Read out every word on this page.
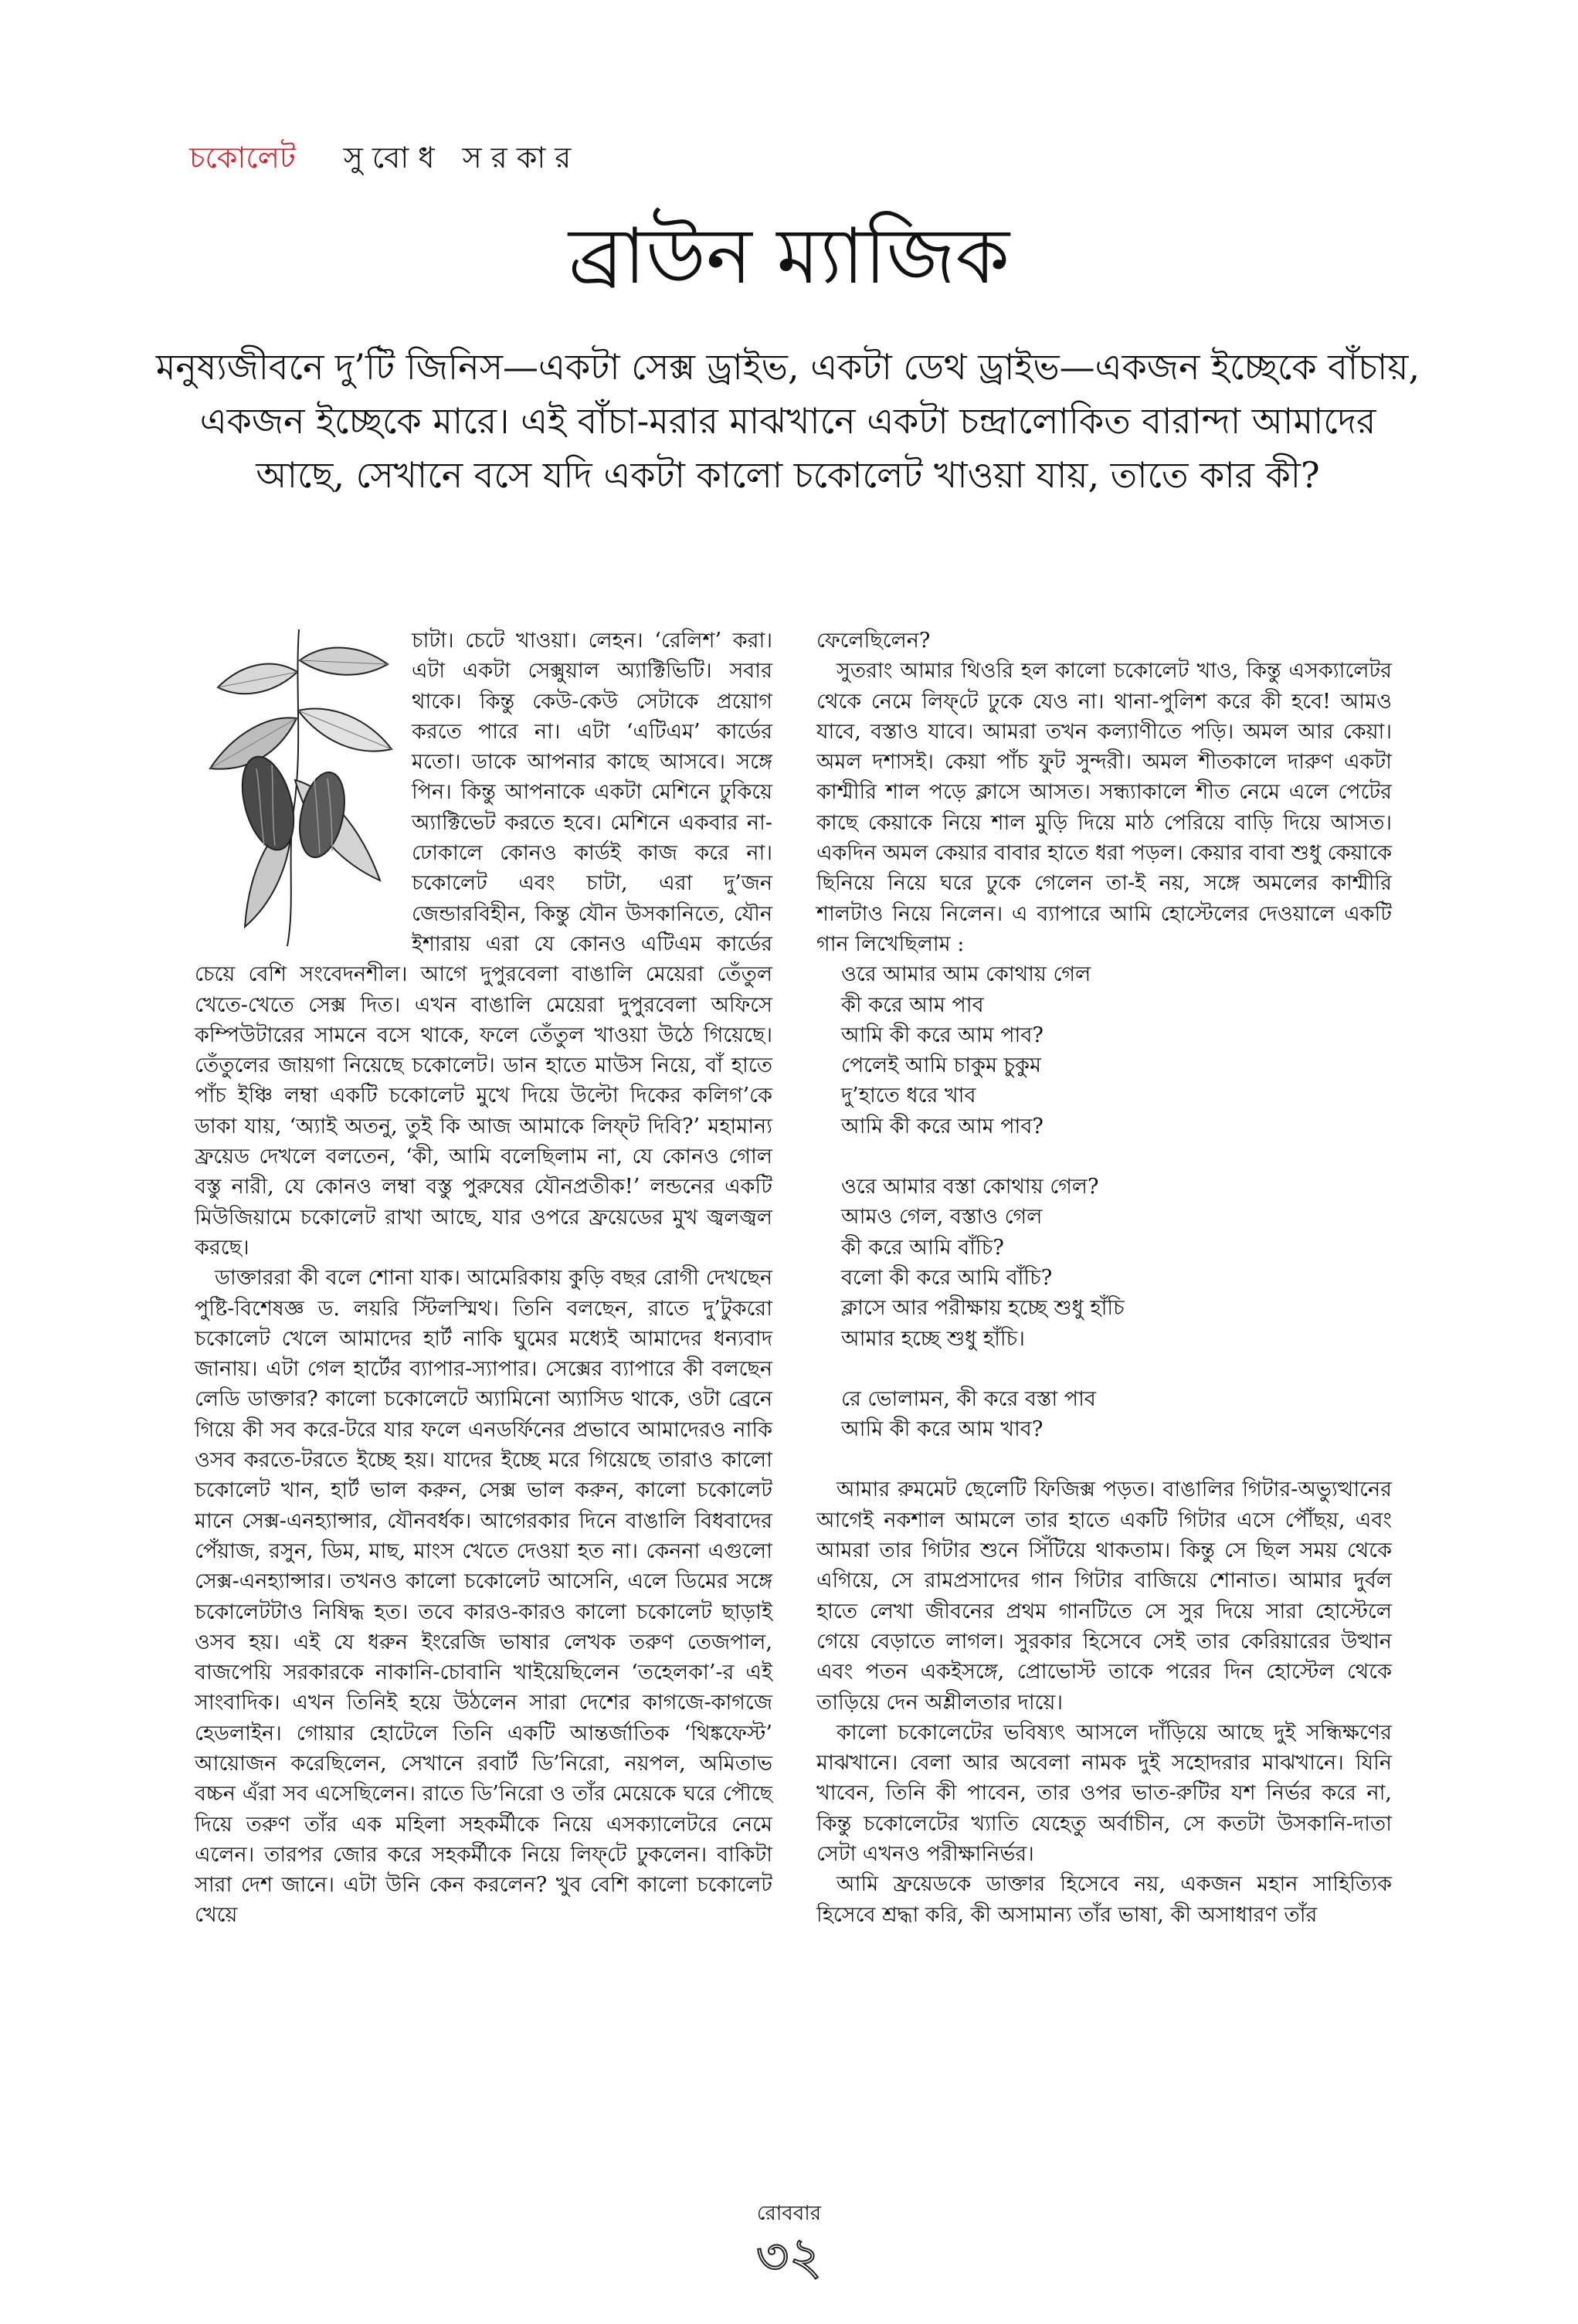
চকোলেট সুবোধ সরকার
ব্রাউন ম্যাজিক
মনুষ্যজীবনে দু’টি জিনিস—একটা সেক্স ড্রাইভ, একটা ডেথ ড্রাইভ—একজন ইচ্ছেকে বাঁচায়, একজন ইচ্ছেকে মারে। এই বাঁচা-মরার মাঝখানে একটা চন্দ্রালোকিত বারান্দা আমাদের আছে, সেখানে বসে যদি একটা কালো চকোলেট খাওয়া যায়, তাতে কার কী?

চাটা। চেটে খাওয়া। লেহন। ‘রেলিশ’ করা। এটা একটা সেক্সুয়াল অ্যাক্টিভিটি। সবার থাকে। কিন্তু কেউ-কেউ সেটাকে প্রয়োগ করতে পারে না। এটা ‘এটিএম’ কার্ডের মতো। ডাকে আপনার কাছে আসবে। সঙ্গে পিন। কিন্তু আপনাকে একটা মেশিনে ঢুকিয়ে অ্যাক্টিভেট করতে হবে। মেশিনে একবার না-ঢোকালে কোনও কার্ডই কাজ করে না। চকোলেট এবং চাটা, এরা দু’জন জেন্ডারবিহীন, কিন্তু যৌন উসকানিতে, যৌন ইশারায় এরা যে কোনও এটিএম কার্ডের চেয়ে বেশি সংবেদনশীল। আগে দুপুরবেলা বাঙালি মেয়েরা তেঁতুল খেতে-খেতে সেক্স দিত। এখন বাঙালি মেয়েরা দুপুরবেলা অফিসে কম্পিউটারের সামনে বসে থাকে, ফলে তেঁতুল খাওয়া উঠে গিয়েছে। তেঁতুলের জায়গা নিয়েছে চকোলেট। ডান হাতে মাউস নিয়ে, বাঁ হাতে পাঁচ ইঞ্চি লম্বা একটি চকোলেট মুখে দিয়ে উল্টো দিকের কলিগ’কে ডাকা যায়, ‘অ্যাই অতনু, তুই কি আজ আমাকে লিফ্‌ট দিবি?’ মহামান্য ফ্রয়েড দেখলে বলতেন, ‘কী, আমি বলেছিলাম না, যে কোনও গোল বস্তু নারী, যে কোনও লম্বা বস্তু পুরুষের যৌনপ্রতীক!’ লন্ডনের একটি মিউজিয়ামে চকোলেট রাখা আছে, যার ওপরে ফ্রয়েডের মুখ জ্বলজ্বল করছে।

ডাক্তাররা কী বলে শোনা যাক। আমেরিকায় কুড়ি বছর রোগী দেখছেন পুষ্টি-বিশেষজ্ঞ ড. লয়রি স্টিলস্মিথ। তিনি বলছেন, রাতে দু’টুকরো চকোলেট খেলে আমাদের হার্ট নাকি ঘুমের মধ্যেই আমাদের ধন্যবাদ জানায়। এটা গেল হার্টের ব্যাপার-স্যাপার। সেক্সের ব্যাপারে কী বলছেন লেডি ডাক্তার? কালো চকোলেটে অ্যামিনো অ্যাসিড থাকে, ওটা ব্রেনে গিয়ে কী সব করে-টরে যার ফলে এনডর্ফিনের প্রভাবে আমাদেরও নাকি ওসব করতে-টরতে ইচ্ছে হয়। যাদের ইচ্ছে মরে গিয়েছে তারাও কালো চকোলেট খান, হার্ট ভাল করুন, সেক্স ভাল করুন, কালো চকোলেট মানে সেক্স-এনহ্যান্সার, যৌনবর্ধক। আগেরকার দিনে বাঙালি বিধবাদের পেঁয়াজ, রসুন, ডিম, মাছ, মাংস খেতে দেওয়া হত না। কেননা এগুলো সেক্স-এনহ্যান্সার। তখনও কালো চকোলেট আসেনি, এলে ডিমের সঙ্গে চকোলেটটাও নিষিদ্ধ হত। তবে কারও-কারও কালো চকোলেট ছাড়াই ওসব হয়। এই যে ধরুন ইংরেজি ভাষার লেখক তরুণ তেজপাল, বাজপেয়ি সরকারকে নাকানি-চোবানি খাইয়েছিলেন ‘তহেলকা’-র এই সাংবাদিক। এখন তিনিই হয়ে উঠলেন সারা দেশের কাগজে-কাগজে হেডলাইন। গোয়ার হোটেলে তিনি একটি আন্তর্জাতিক ‘থিঙ্কফেস্ট’ আয়োজন করেছিলেন, সেখানে রবার্ট ডি’নিরো, নয়পল, অমিতাভ বচ্চন এঁরা সব এসেছিলেন। রাতে ডি’নিরো ও তাঁর মেয়েকে ঘরে পৌছে দিয়ে তরুণ তাঁর এক মহিলা সহকর্মীকে নিয়ে এসক্যালেটরে নেমে এলেন। তারপর জোর করে সহকর্মীকে নিয়ে লিফ্‌টে ঢুকলেন। বাকিটা সারা দেশ জানে। এটা উনি কেন করলেন? খুব বেশি কালো চকোলেট খেয়ে

ফেলেছিলেন?

সুতরাং আমার থিওরি হল কালো চকোলেট খাও, কিন্তু এসক্যালেটর থেকে নেমে লিফ্‌টে ঢুকে যেও না। থানা-পুলিশ করে কী হবে! আমও যাবে, বস্তাও যাবে। আমরা তখন কল্যাণীতে পড়ি। অমল আর কেয়া। অমল দশাসই। কেয়া পাঁচ ফুট সুন্দরী। অমল শীতকালে দারুণ একটা কাশ্মীরি শাল পড়ে ক্লাসে আসত। সন্ধ্যাকালে শীত নেমে এলে পেটের কাছে কেয়াকে নিয়ে শাল মুড়ি দিয়ে মাঠ পেরিয়ে বাড়ি দিয়ে আসত। একদিন অমল কেয়ার বাবার হাতে ধরা পড়ল। কেয়ার বাবা শুধু কেয়াকে ছিনিয়ে নিয়ে ঘরে ঢুকে গেলেন তা-ই নয়, সঙ্গে অমলের কাশ্মীরি শালটাও নিয়ে নিলেন। এ ব্যাপারে আমি হোস্টেলের দেওয়ালে একটি গান লিখেছিলাম :

ওরে আমার আম কোথায় গেল
কী করে আম পাব
আমি কী করে আম পাব?
পেলেই আমি চাকুম চুকুম
দু’হাতে ধরে খাব
আমি কী করে আম পাব?
ওরে আমার বস্তা কোথায় গেল?
আমও গেল, বস্তাও গেল
কী করে আমি বাঁচি?
বলো কী করে আমি বাঁচি?
ক্লাসে আর পরীক্ষায় হচ্ছে শুধু হাঁচি
আমার হচ্ছে শুধু হাঁচি।
রে ভোলামন, কী করে বস্তা পাব
আমি কী করে আম খাব?

আমার রুমমেট ছেলেটি ফিজিক্স পড়ত। বাঙালির গিটার-অভ্যুত্থানের আগেই নকশাল আমলে তার হাতে একটি গিটার এসে পৌঁছয়, এবং আমরা তার গিটার শুনে সিঁটিয়ে থাকতাম। কিন্তু সে ছিল সময় থেকে এগিয়ে, সে রামপ্রসাদের গান গিটার বাজিয়ে শোনাত। আমার দুর্বল হাতে লেখা জীবনের প্রথম গানটিতে সে সুর দিয়ে সারা হোস্টেলে গেয়ে বেড়াতে লাগল। সুরকার হিসেবে সেই তার কেরিয়ারের উত্থান এবং পতন একইসঙ্গে, প্রোভোস্ট তাকে পরের দিন হোস্টেল থেকে তাড়িয়ে দেন অশ্লীলতার দায়ে।

কালো চকোলেটের ভবিষ্যৎ আসলে দাঁড়িয়ে আছে দুই সন্ধিক্ষণের মাঝখানে। বেলা আর অবেলা নামক দুই সহোদরার মাঝখানে। যিনি খাবেন, তিনি কী পাবেন, তার ওপর ভাত-রুটির যশ নির্ভর করে না, কিন্তু চকোলেটের খ্যাতি যেহেতু অর্বাচীন, সে কতটা উসকানি-দাতা সেটা এখনও পরীক্ষানির্ভর।

আমি ফ্রয়েডকে ডাক্তার হিসেবে নয়, একজন মহান সাহিত্যিক হিসেবে শ্রদ্ধা করি, কী অসামান্য তাঁর ভাষা, কী অসাধারণ তাঁর

রোববার
৩২
